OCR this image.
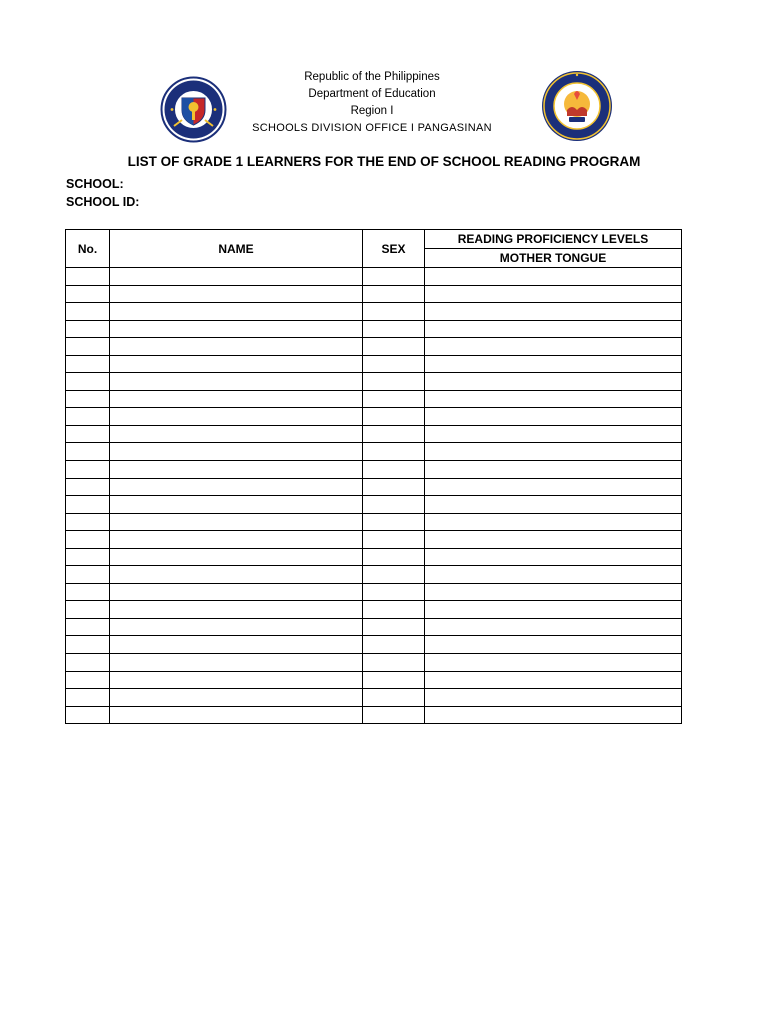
Republic of the Philippines
Department of Education
Region I
SCHOOLS DIVISION OFFICE I PANGASINAN
LIST OF GRADE 1 LEARNERS FOR THE END OF SCHOOL READING PROGRAM
SCHOOL:
SCHOOL ID:
No.	NAME	SEX	READING PROFICIENCY LEVELS
			MOTHER TONGUE
